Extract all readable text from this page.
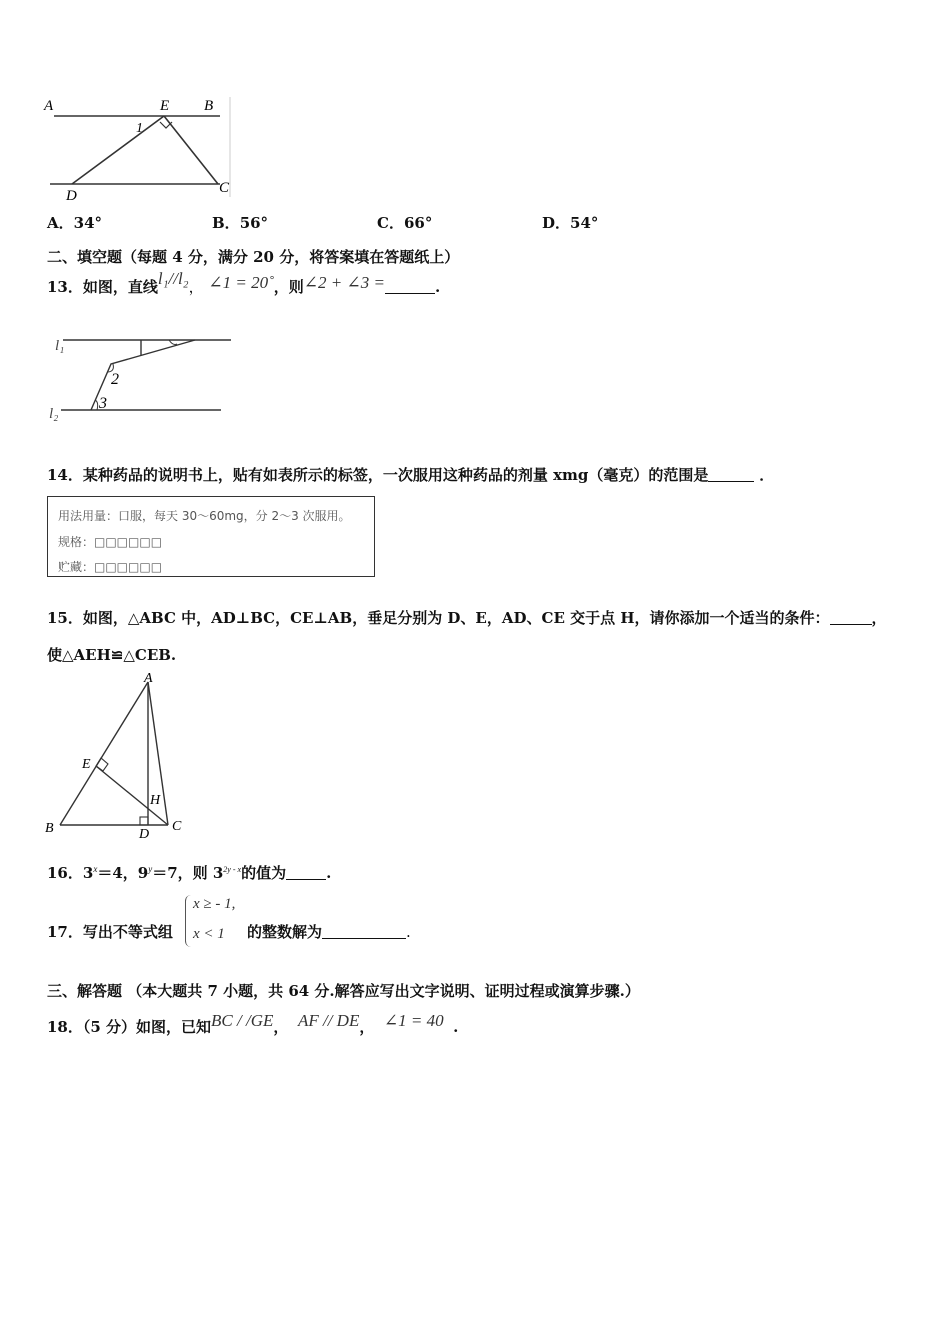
A	E B
1
D	C
A．34°	B．56°	C．66°	D．54°
二、填空题（每题 4 分，满分 20 分，将答案填在答题纸上）
13．如图，直线l₁//l₂， ∠1 = 20˚，则∠2 + ∠3 =	.
l₁
l₂
2
3
14．某种药品的说明书上，贴有如表所示的标签，一次服用这种药品的剂量 xmg（毫克）的范围是	．
用法用量：口服，每天 30～60mg，分 2～3 次服用。
规格：□□□□□□
贮藏：□□□□□□
15．如图，△ABC 中，AD⊥BC，CE⊥AB，垂足分别为 D、E，AD、CE 交于点 H，请你添加一个适当的条件：	，
使△AEH≌△CEB.
A
E
H
B	D
C
16．$3^x=4$，$9^y=7$，则 $3^{2y - x}$的值为	.
17．写出不等式组
x ≥ - 1,
x < 1 的整数解为	.
三、解答题 （本大题共 7 小题，共 64 分.解答应写出文字说明、证明过程或演算步骤.）
18．（5 分）如图，已知BC / /GE， AF // DE， ∠1 = 40 .
